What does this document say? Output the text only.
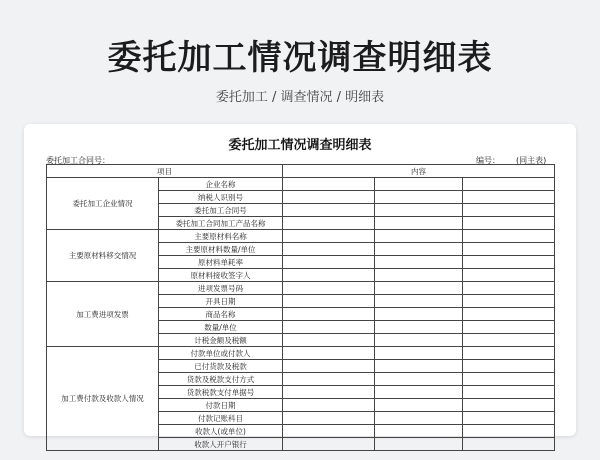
委托加工情况调查明细表
委托加工 / 调查情况 / 明细表
委托加工情况调查明细表
委托加工合同号：	编号： (同主表)
项目		内容		
委托加工企业情况	企业名称			
	纳税人识别号			
	委托加工合同号			
	委托加工合同加工产品名称			
主要原材料移交情况	主要原材料名称			
	主要原材料数量/单位			
	原材料单耗率			
	原材料接收签字人			
加工费进项发票	进项发票号码			
	开具日期			
	商品名称			
	数量/单位			
	计税金额及税额			
加工费付款及收款人情况	付款单位或付款人			
	已付货款及税款			
	货款及税款支付方式			
	货款税款支付单据号			
	付款日期			
	付款记账科目			
	收款人(或单位)			
	收款人开户银行			
